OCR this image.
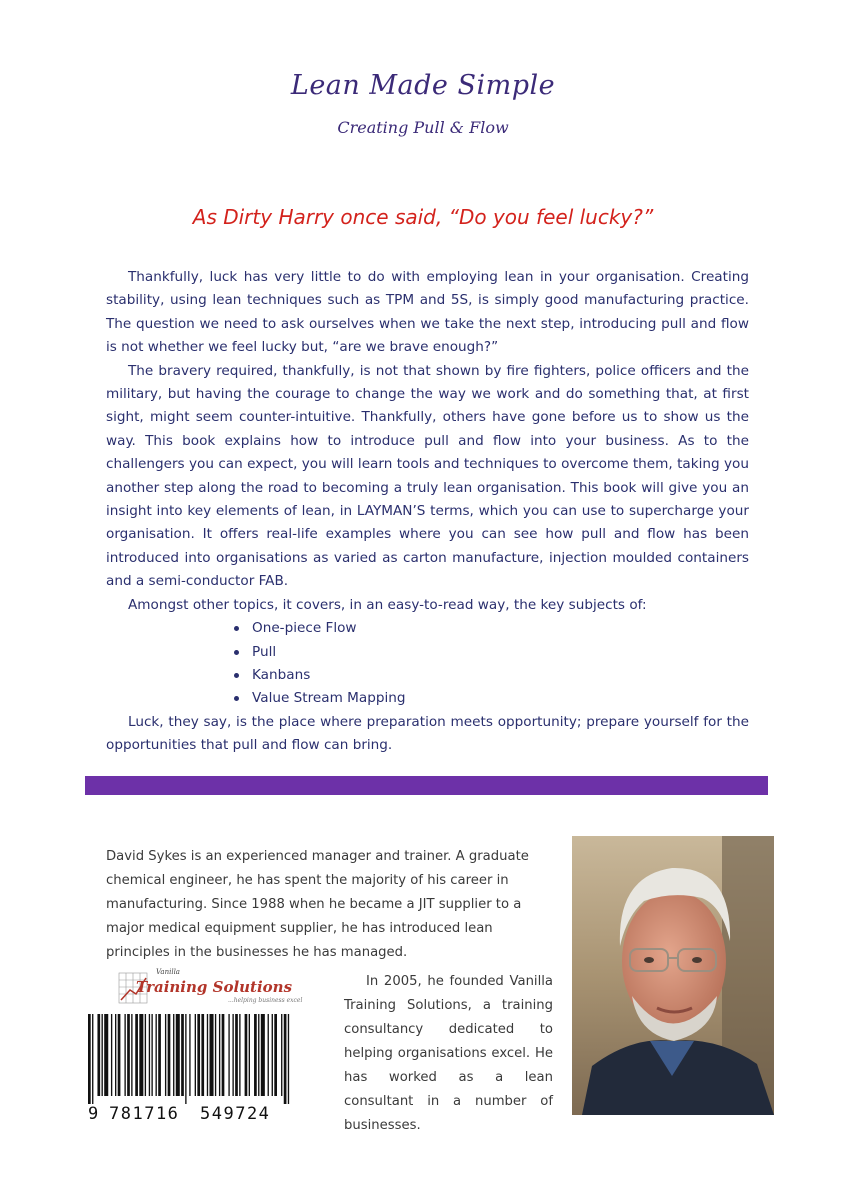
Lean Made Simple
Creating Pull & Flow
As Dirty Harry once said, “Do you feel lucky?”

Thankfully, luck has very little to do with employing lean in your organisation. Creating stability, using lean techniques such as TPM and 5S, is simply good manufacturing practice. The question we need to ask ourselves when we take the next step, introducing pull and flow is not whether we feel lucky but, “are we brave enough?”

The bravery required, thankfully, is not that shown by fire fighters, police officers and the military, but having the courage to change the way we work and do something that, at first sight, might seem counter-intuitive. Thankfully, others have gone before us to show us the way. This book explains how to introduce pull and flow into your business. As to the challengers you can expect, you will learn tools and techniques to overcome them, taking you another step along the road to becoming a truly lean organisation. This book will give you an insight into key elements of lean, in LAYMAN’S terms, which you can use to supercharge your organisation. It offers real-life examples where you can see how pull and flow has been introduced into organisations as varied as carton manufacture, injection moulded containers and a semi-conductor FAB.

Amongst other topics, it covers, in an easy-to-read way, the key subjects of:

One-piece Flow
Pull
Kanbans
Value Stream Mapping

Luck, they say, is the place where preparation meets opportunity; prepare yourself for the opportunities that pull and flow can bring.

David Sykes is an experienced manager and trainer. A graduate chemical engineer, he has spent the majority of his career in manufacturing. Since 1988 when he became a JIT supplier to a major medical equipment supplier, he has introduced lean principles in the businesses he has managed.

Vanilla
Training Solutions
...helping business excel
9 781716 549724

In 2005, he founded Vanilla Training Solutions, a training consultancy dedicated to helping organisations excel. He has worked as a lean consultant in a number of businesses.
